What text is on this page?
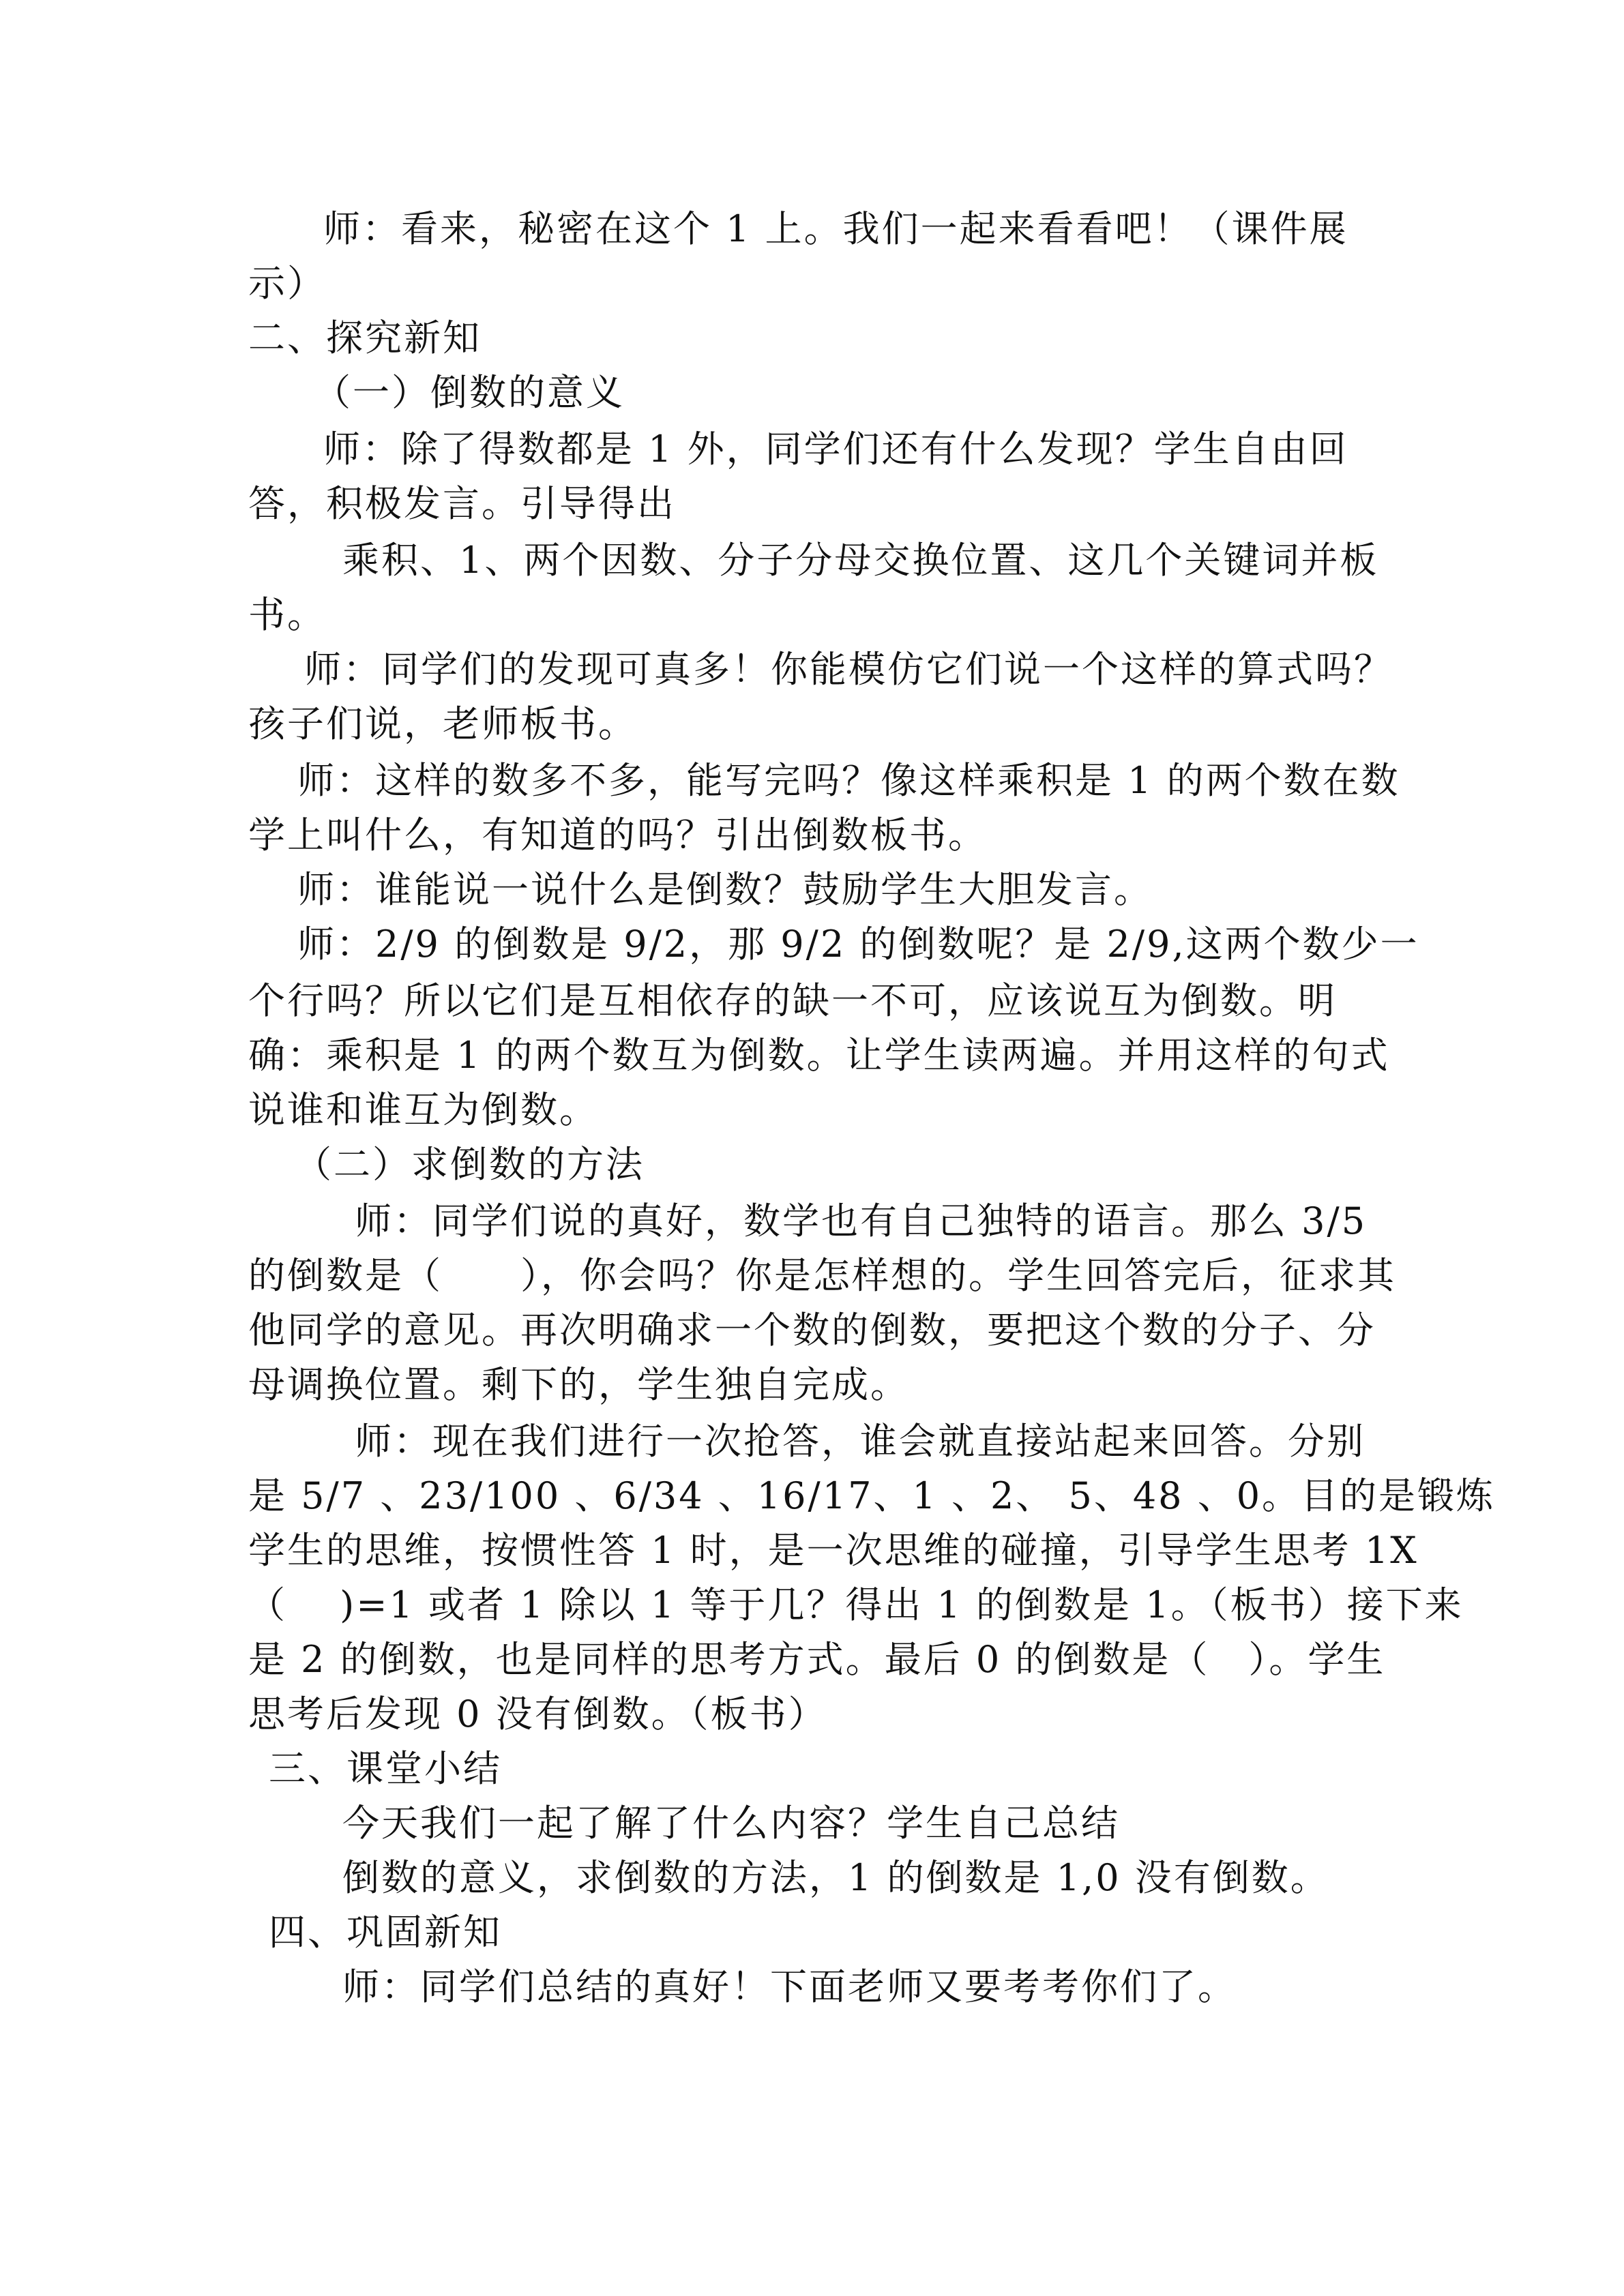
师：看来，秘密在这个 1 上。我们一起来看看吧！（课件展
示）
二、探究新知
（一）倒数的意义
师：除了得数都是 1 外，同学们还有什么发现？学生自由回
答，积极发言。引导得出
乘积、1、两个因数、分子分母交换位置、这几个关键词并板
书。
师：同学们的发现可真多！你能模仿它们说一个这样的算式吗？
孩子们说，老师板书。
师：这样的数多不多，能写完吗？像这样乘积是 1 的两个数在数
学上叫什么，有知道的吗？引出倒数板书。
师：谁能说一说什么是倒数？鼓励学生大胆发言。
师：2/9 的倒数是 9/2，那 9/2 的倒数呢？是 2/9,这两个数少一
个行吗？所以它们是互相依存的缺一不可，应该说互为倒数。明
确：乘积是 1 的两个数互为倒数。让学生读两遍。并用这样的句式
说谁和谁互为倒数。
（二）求倒数的方法
师：同学们说的真好，数学也有自己独特的语言。那么 3/5
的倒数是（　　），你会吗？你是怎样想的。学生回答完后，征求其
他同学的意见。再次明确求一个数的倒数，要把这个数的分子、分
母调换位置。剩下的，学生独自完成。
师：现在我们进行一次抢答，谁会就直接站起来回答。分别
是 5/7 、23/100 、6/34 、16/17、1 、2、 5、48 、0。目的是锻炼
学生的思维，按惯性答 1 时，是一次思维的碰撞，引导学生思考 1X
（　 )=1 或者 1 除以 1 等于几？得出 1 的倒数是 1。（板书）接下来
是 2 的倒数，也是同样的思考方式。最后 0 的倒数是（　）。学生
思考后发现 0 没有倒数。（板书）
三、课堂小结
今天我们一起了解了什么内容？学生自己总结
倒数的意义，求倒数的方法，1 的倒数是 1,0 没有倒数。
四、巩固新知
师：同学们总结的真好！下面老师又要考考你们了。
